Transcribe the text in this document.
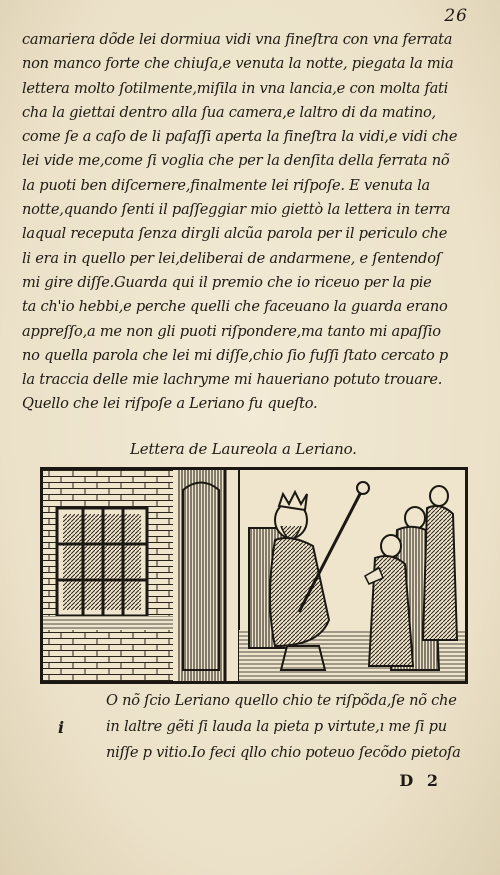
26
camariera dõde lei dormiua vidi vna fineſtra con vna ferrata
non manco forte che chiuſa,e venuta la notte, piegata la mia
lettera molto ſotilmente,miſila in vna lancia,e con molta fati
cha la giettai dentro alla ſua camera,e laltro di da matino,
come ſe a caſo de li paſaſſi aperta la fineſtra la vidi,e vidi che
lei vide me,come ſi voglia che per la denſita della ferrata nõ
la puoti ben diſcernere,finalmente lei riſpoſe. E venuta la
notte,quando ſenti il paſſeggiar mio giettò la lettera in terra
laqual receputa ſenza dirgli alcũa parola per il periculo che
li era in quello per lei,deliberai de andarmene, e ſentendoſ
mi gire diſſe.Guarda qui il premio che io riceuo per la pie
ta ch'io hebbi,e perche quelli che faceuano la guarda erano
appreſſo,a me non gli puoti riſpondere,ma tanto mi apaſſio
no quella parola che lei mi diſſe,chio ſio fuſſi ſtato cercato p
la traccia delle mie lachryme mi haueriano potuto trouare.
Quello che lei riſpoſe a Leriano fu queſto.
Lettera de Laureola a Leriano.
O nõ ſcio Leriano quello chio te riſpõda,ſe nõ che
in laltre gẽti ſi lauda la pieta p virtute,ı me ſi pu
niſſe p vitio.Io feci qllo chio poteuo ſecõdo pietoſa
i
D 2
